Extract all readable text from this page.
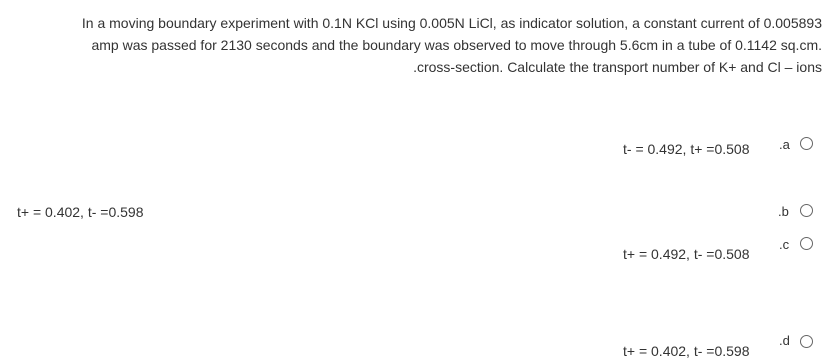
In a moving boundary experiment with 0.1N KCl using 0.005N LiCl, as indicator solution, a constant current of 0.005893
amp was passed for 2130 seconds and the boundary was observed to move through 5.6cm in a tube of 0.1142 sq.cm.
.cross-section. Calculate the transport number of K+ and Cl – ions
t- = 0.492, t+ =0.508 .a
t+ = 0.402, t- =0.598	.b
t+ = 0.492, t- =0.508
.c
t+ = 0.402, t- =0.598
.d
